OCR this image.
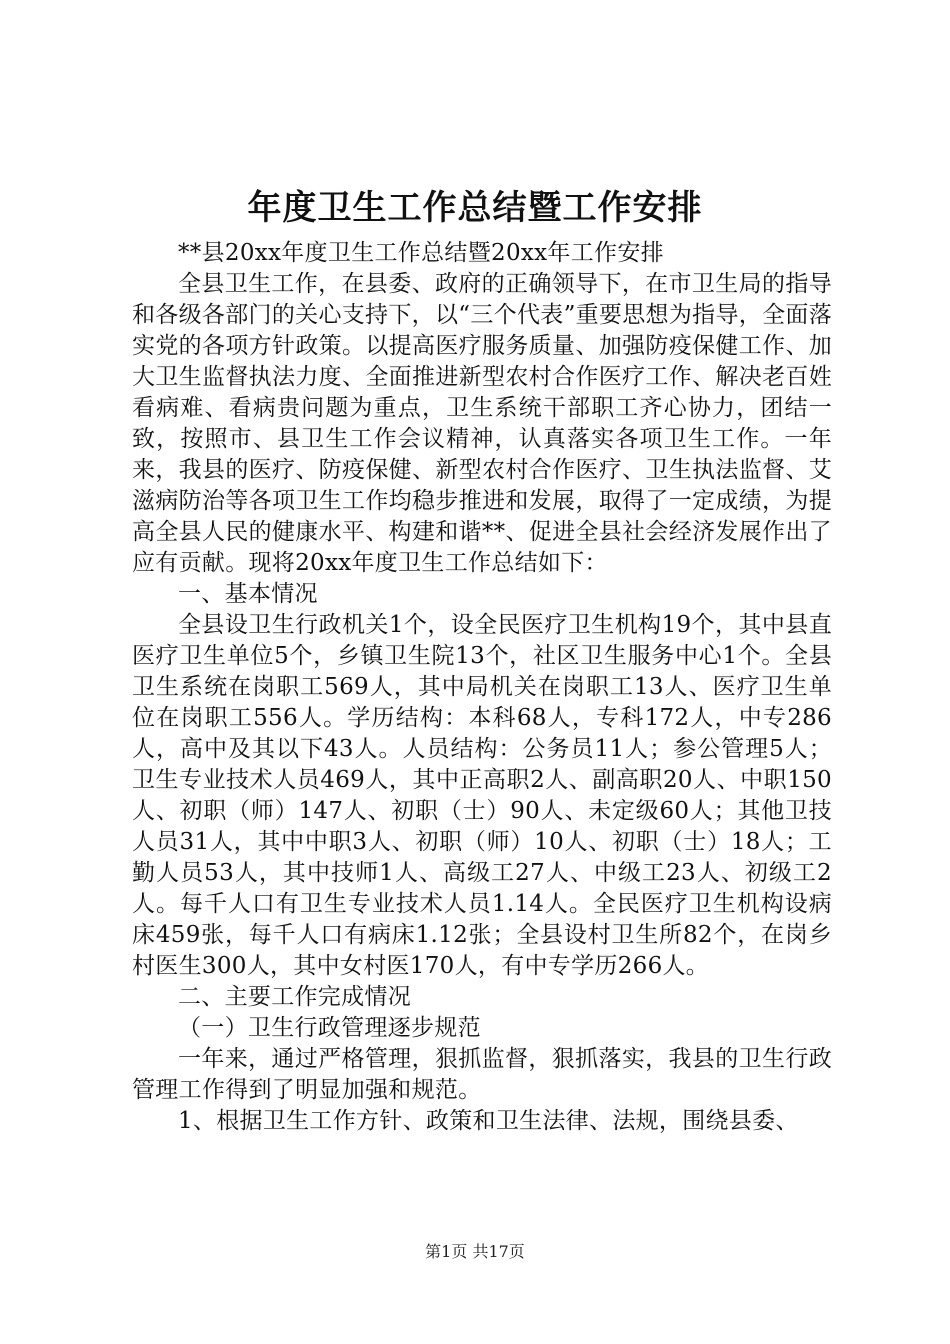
年度卫生工作总结暨工作安排

**县20xx年度卫生工作总结暨20xx年工作安排

全县卫生工作，在县委、政府的正确领导下，在市卫生局的指导和各级各部门的关心支持下，以“三个代表”重要思想为指导，全面落实党的各项方针政策。以提高医疗服务质量、加强防疫保健工作、加大卫生监督执法力度、全面推进新型农村合作医疗工作、解决老百姓看病难、看病贵问题为重点，卫生系统干部职工齐心协力，团结一致，按照市、县卫生工作会议精神，认真落实各项卫生工作。一年来，我县的医疗、防疫保健、新型农村合作医疗、卫生执法监督、艾滋病防治等各项卫生工作均稳步推进和发展，取得了一定成绩，为提高全县人民的健康水平、构建和谐**、促进全县社会经济发展作出了应有贡献。现将20xx年度卫生工作总结如下：

一、基本情况

全县设卫生行政机关1个，设全民医疗卫生机构19个，其中县直医疗卫生单位5个，乡镇卫生院13个，社区卫生服务中心1个。全县卫生系统在岗职工569人，其中局机关在岗职工13人、医疗卫生单位在岗职工556人。学历结构：本科68人，专科172人，中专286人，高中及其以下43人。人员结构：公务员11人；参公管理5人；卫生专业技术人员469人，其中正高职2人、副高职20人、中职150人、初职（师）147人、初职（士）90人、未定级60人；其他卫技人员31人，其中中职3人、初职（师）10人、初职（士）18人；工勤人员53人，其中技师1人、高级工27人、中级工23人、初级工2人。每千人口有卫生专业技术人员1.14人。全民医疗卫生机构设病床459张，每千人口有病床1.12张；全县设村卫生所82个，在岗乡村医生300人，其中女村医170人，有中专学历266人。

二、主要工作完成情况

（一）卫生行政管理逐步规范

一年来，通过严格管理，狠抓监督，狠抓落实，我县的卫生行政管理工作得到了明显加强和规范。

1、根据卫生工作方针、政策和卫生法律、法规，围绕县委、

第1页 共17页
